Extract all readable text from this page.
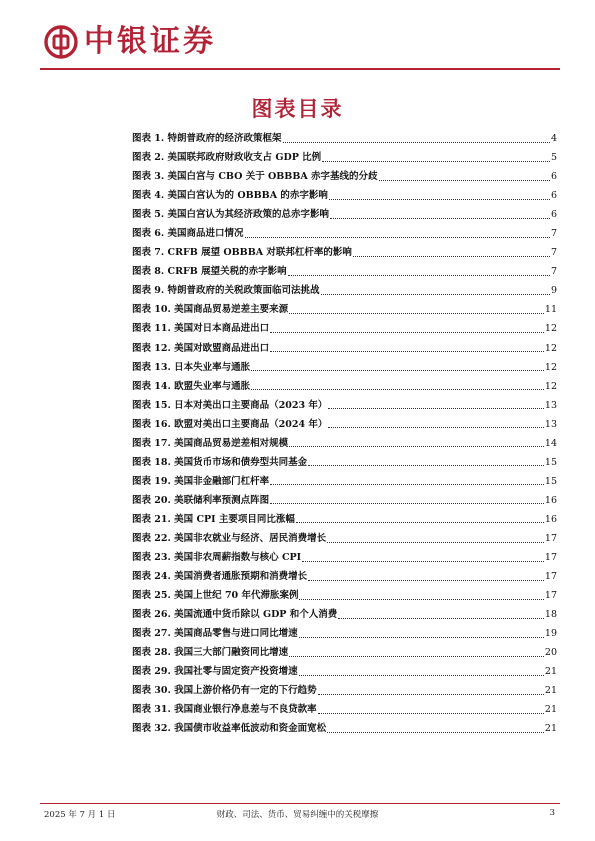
中银证券
图表目录
图表 1. 特朗普政府的经济政策框架	4
图表 2. 美国联邦政府财政收支占 GDP 比例	5
图表 3. 美国白宫与 CBO 关于 OBBBA 赤字基线的分歧	6
图表 4. 美国白宫认为的 OBBBA 的赤字影响	6
图表 5. 美国白宫认为其经济政策的总赤字影响	6
图表 6. 美国商品进口情况	7
图表 7. CRFB 展望 OBBBA 对联邦杠杆率的影响	7
图表 8. CRFB 展望关税的赤字影响	7
图表 9. 特朗普政府的关税政策面临司法挑战	9
图表 10. 美国商品贸易逆差主要来源	11
图表 11. 美国对日本商品进出口	12
图表 12. 美国对欧盟商品进出口	12
图表 13. 日本失业率与通胀	12
图表 14. 欧盟失业率与通胀	12
图表 15. 日本对美出口主要商品（2023 年）	13
图表 16. 欧盟对美出口主要商品（2024 年）	13
图表 17. 美国商品贸易逆差相对规模	14
图表 18. 美国货币市场和债券型共同基金	15
图表 19. 美国非金融部门杠杆率	15
图表 20. 美联储利率预测点阵图	16
图表 21. 美国 CPI 主要项目同比涨幅	16
图表 22. 美国非农就业与经济、居民消费增长	17
图表 23. 美国非农周薪指数与核心 CPI	17
图表 24. 美国消费者通胀预期和消费增长	17
图表 25. 美国上世纪 70 年代滞胀案例	17
图表 26. 美国流通中货币除以 GDP 和个人消费	18
图表 27. 美国商品零售与进口同比增速	19
图表 28. 我国三大部门融资同比增速	20
图表 29. 我国社零与固定资产投资增速	21
图表 30. 我国上游价格仍有一定的下行趋势	21
图表 31. 我国商业银行净息差与不良贷款率	21
图表 32. 我国债市收益率低波动和资金面宽松	21
2025 年 7 月 1 日	财政、司法、货币、贸易纠缠中的关税摩擦	3
